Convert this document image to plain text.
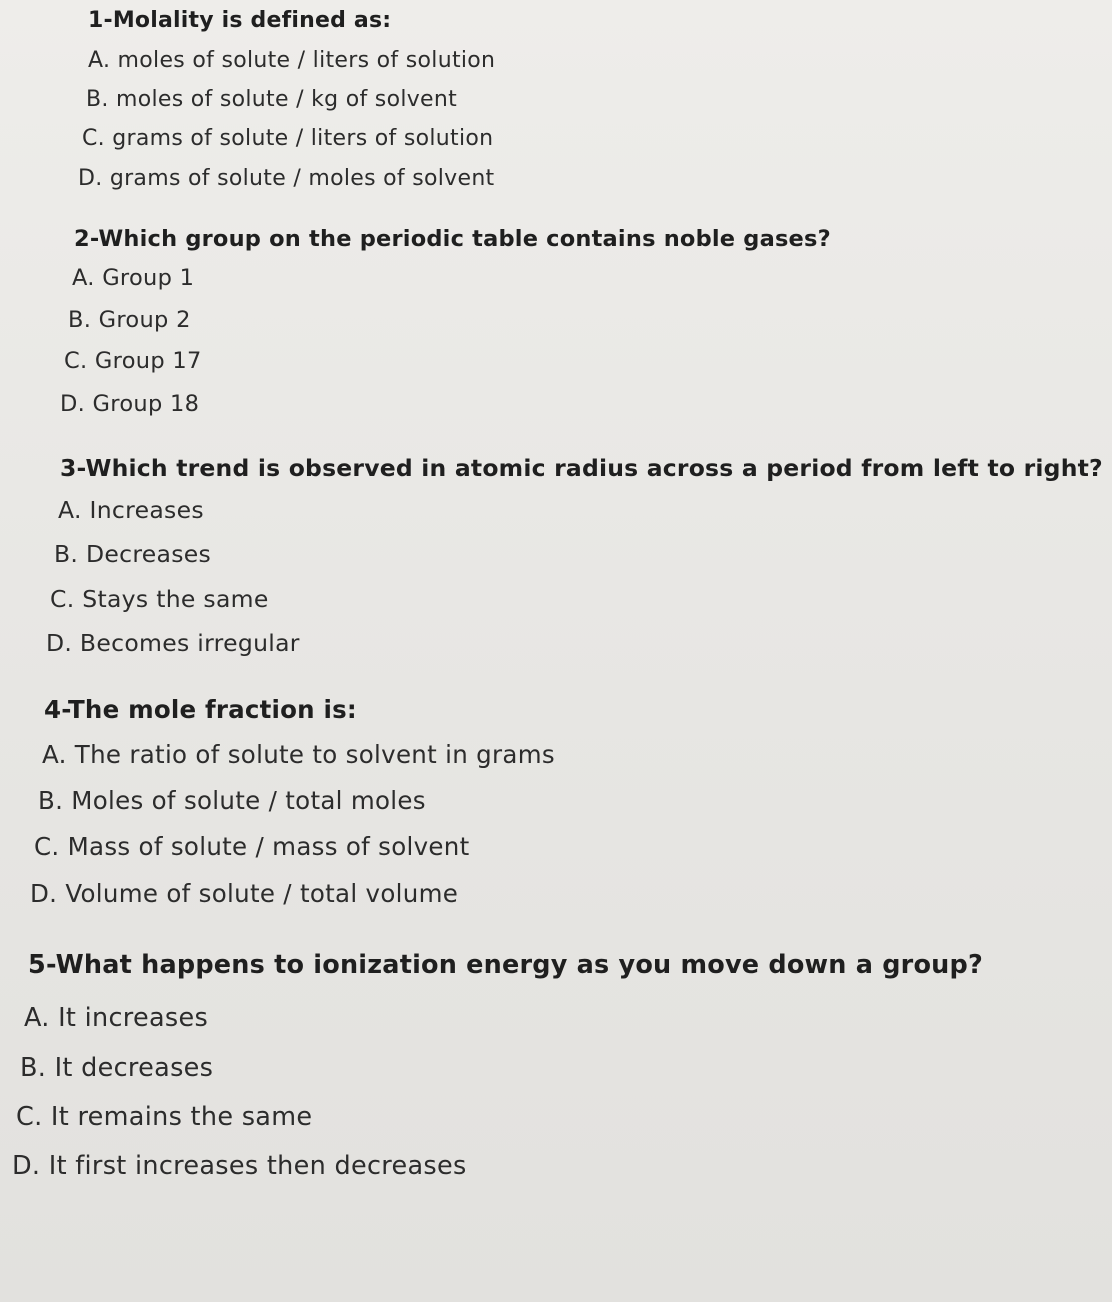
1-Molality is defined as:
A. moles of solute / liters of solution
B. moles of solute / kg of solvent
C. grams of solute / liters of solution
D. grams of solute / moles of solvent
2-Which group on the periodic table contains noble gases?
A. Group 1
B. Group 2
C. Group 17
D. Group 18
3-Which trend is observed in atomic radius across a period from left to right?
A. Increases
B. Decreases
C. Stays the same
D. Becomes irregular
4-The mole fraction is:
A. The ratio of solute to solvent in grams
B. Moles of solute / total moles
C. Mass of solute / mass of solvent
D. Volume of solute / total volume
5-What happens to ionization energy as you move down a group?
A. It increases
B. It decreases
C. It remains the same
D. It first increases then decreases
